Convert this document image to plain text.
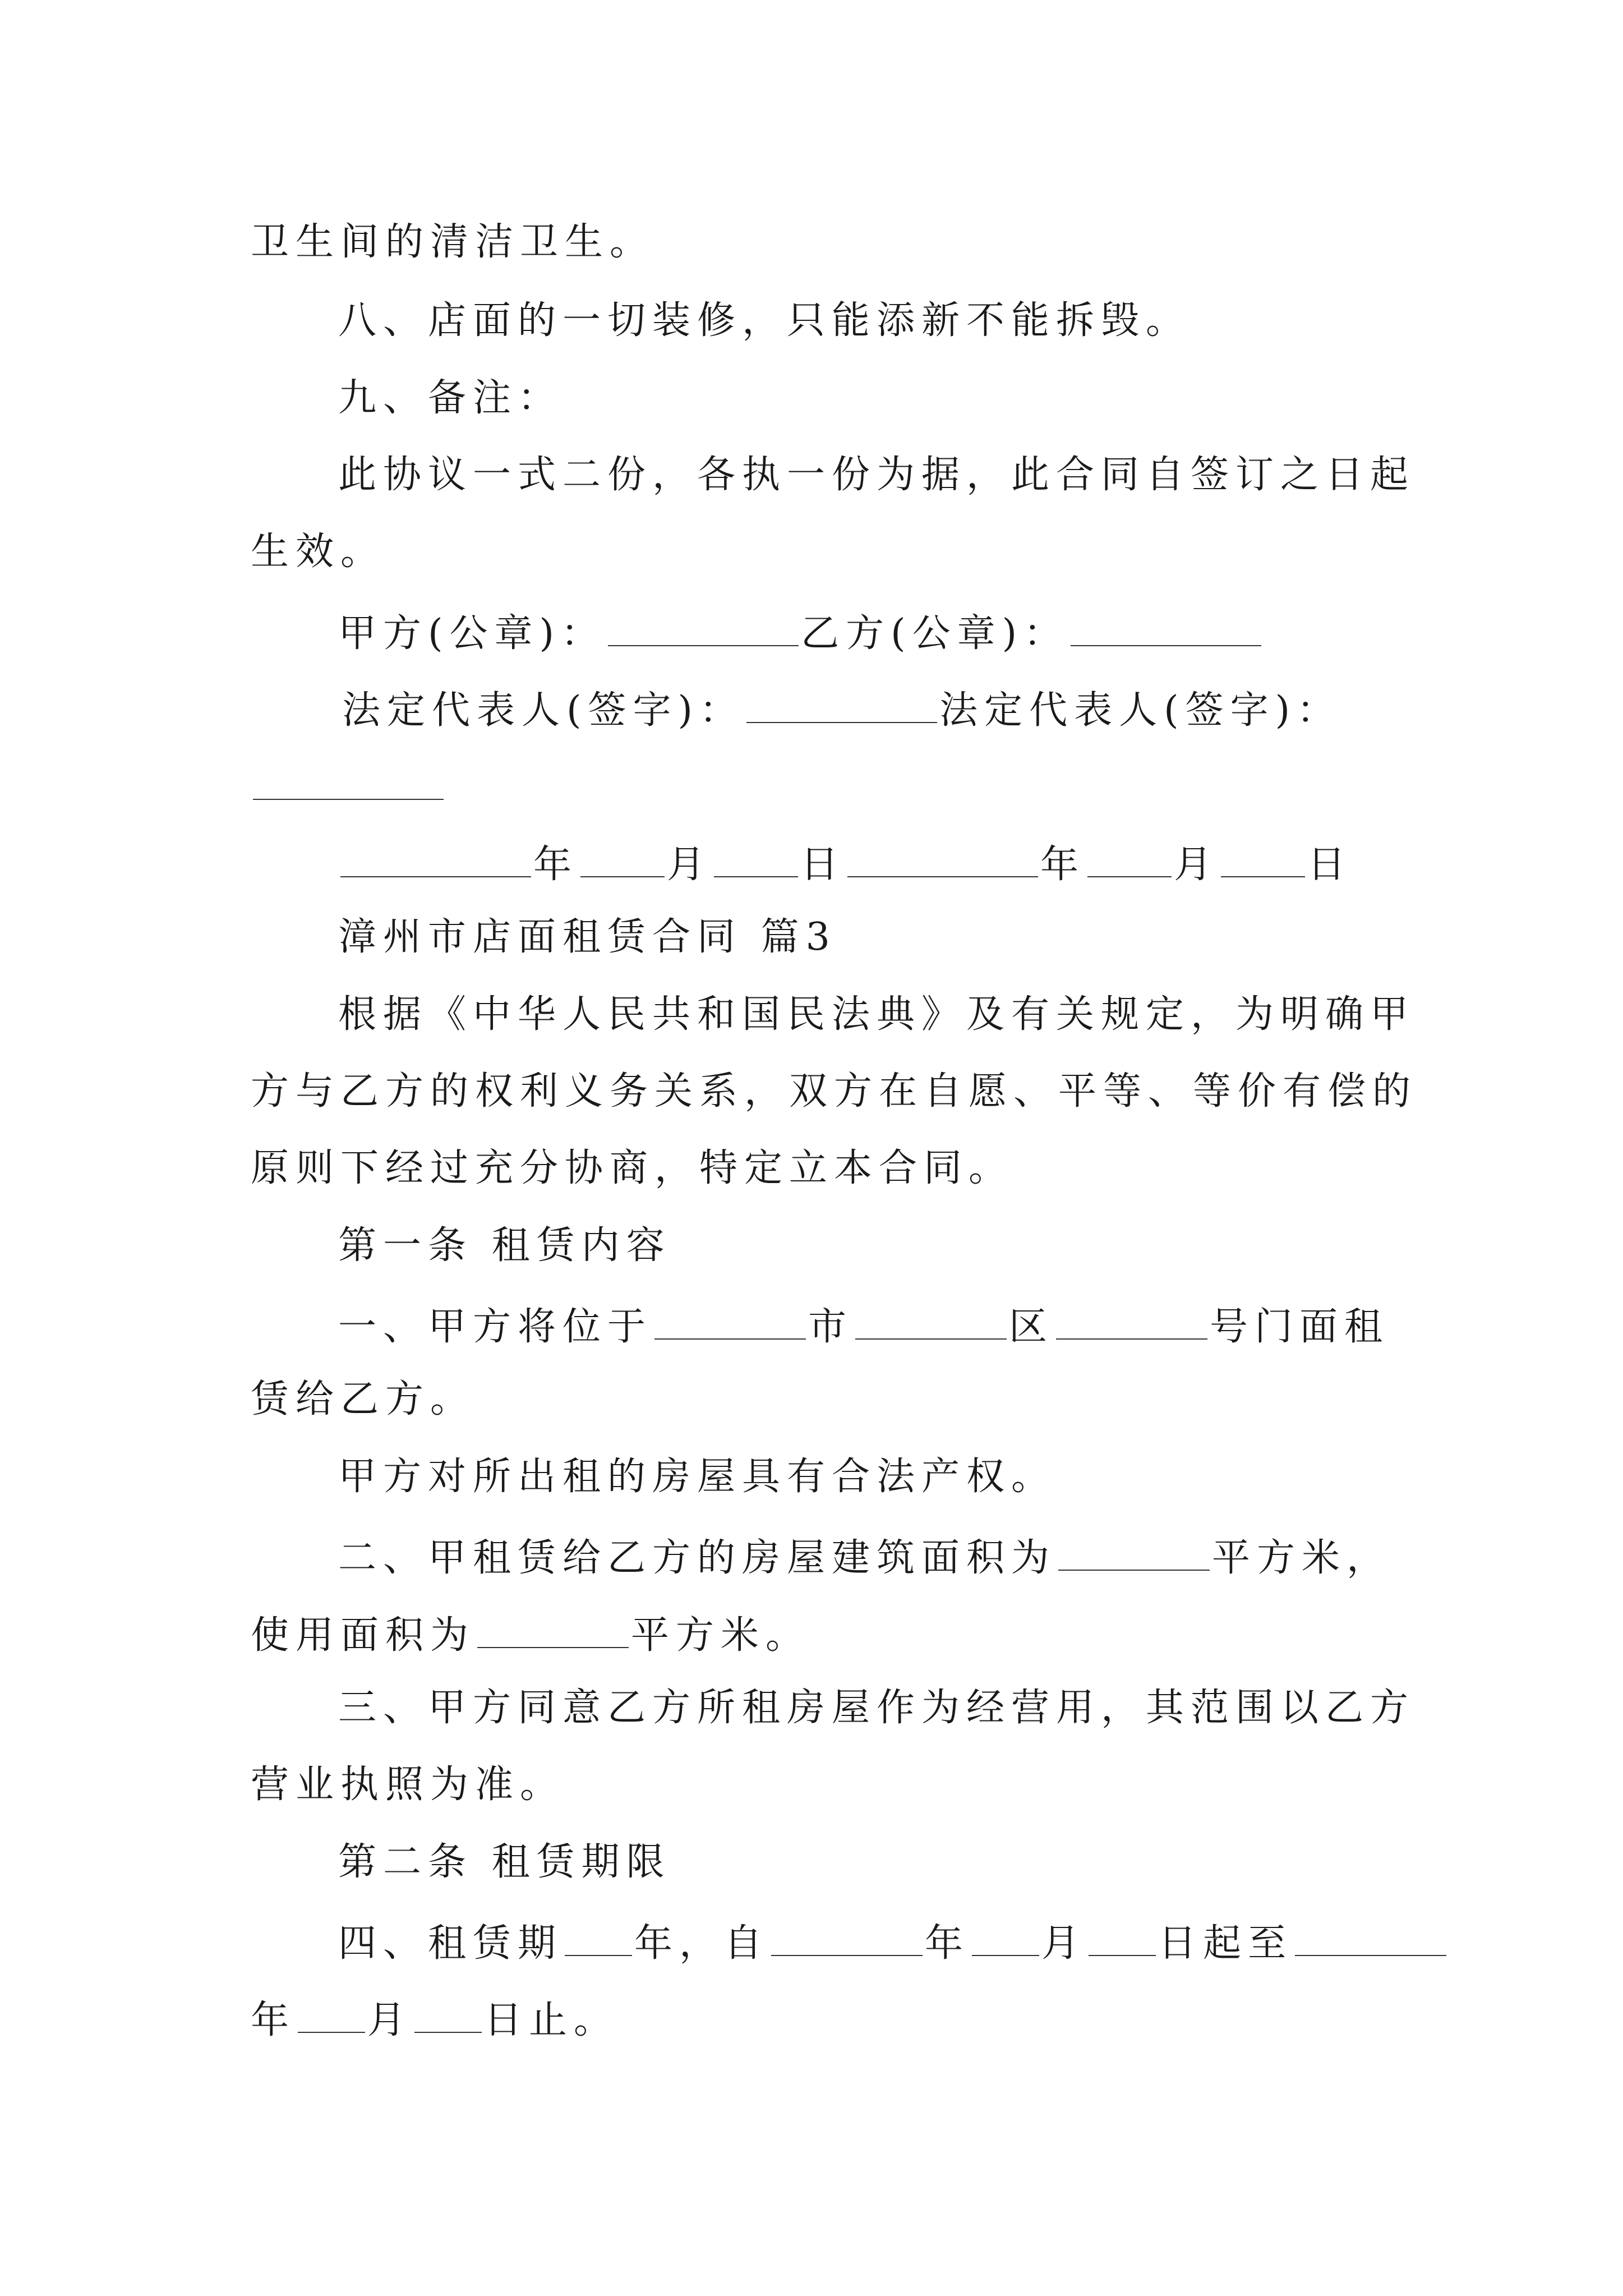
卫生间的清洁卫生。
八、店面的一切装修，只能添新不能拆毁。
九、备注：
此协议一式二份，各执一份为据，此合同自签订之日起
生效。
甲方(公章)：	乙方(公章)：
法定代表人(签字)：	法定代表人(签字)：
年 月 日	年 月 日
漳州市店面租赁合同 篇3
根据《中华人民共和国民法典》及有关规定，为明确甲
方与乙方的权利义务关系，双方在自愿、平等、等价有偿的
原则下经过充分协商，特定立本合同。
第一条 租赁内容
一、甲方将位于	市	区	号门面租
赁给乙方。
甲方对所出租的房屋具有合法产权。
二、甲租赁给乙方的房屋建筑面积为	平方米，
使用面积为	平方米。
三、甲方同意乙方所租房屋作为经营用，其范围以乙方
营业执照为准。
第二条 租赁期限
四、租赁期 年，自	年 月 日起至
年 月 日止。
